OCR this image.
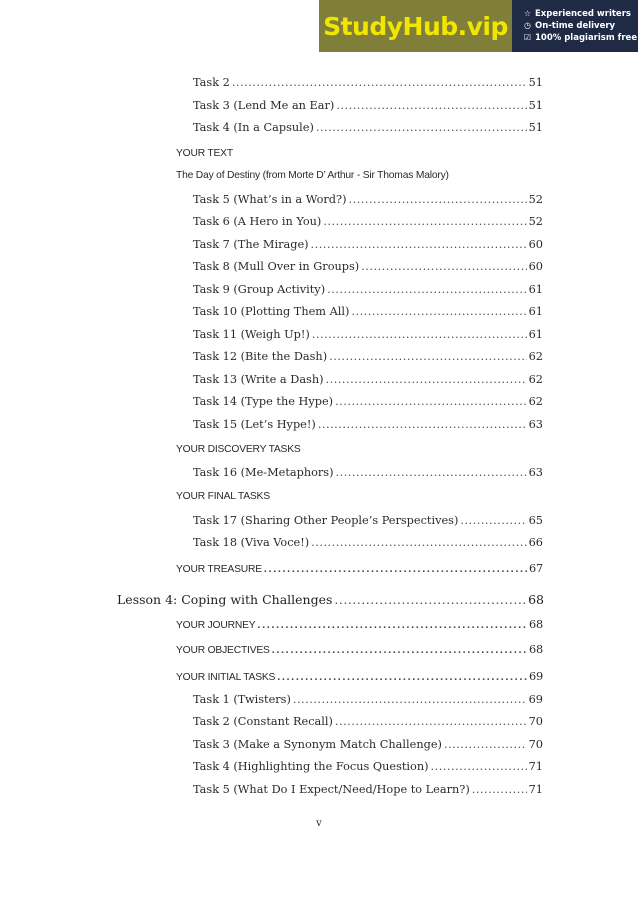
StudyHub.vip ☆ Experienced writers
◷ On-time delivery
☑ 100% plagiarism free
Task 2 .....	51
Task 3 (Lend Me an Ear) .....	51
Task 4 (In a Capsule) .....	51
YOUR TEXT
The Day of Destiny (from Morte D’ Arthur - Sir Thomas Malory)
Task 5 (What’s in a Word?) .....	52
Task 6 (A Hero in You) .....	52
Task 7 (The Mirage) .....	60
Task 8 (Mull Over in Groups) .....	60
Task 9 (Group Activity) .....	61
Task 10 (Plotting Them All) .....	61
Task 11 (Weigh Up!) .....	61
Task 12 (Bite the Dash) .....	62
Task 13 (Write a Dash) .....	62
Task 14 (Type the Hype) .....	62
Task 15 (Let’s Hype!) .....	63
YOUR DISCOVERY TASKS
Task 16 (Me-Metaphors) .....	63
YOUR FINAL TASKS
Task 17 (Sharing Other People’s Perspectives) .....	65
Task 18 (Viva Voce!) .....	66
YOUR TREASURE .....	67
Lesson 4: Coping with Challenges .....	68
YOUR JOURNEY .....	68
YOUR OBJECTIVES .....	68
YOUR INITIAL TASKS .....	69
Task 1 (Twisters) .....	69
Task 2 (Constant Recall) .....	70
Task 3 (Make a Synonym Match Challenge) .....	70
Task 4 (Highlighting the Focus Question) .....	71
Task 5 (What Do I Expect/Need/Hope to Learn?) .....	71
v
